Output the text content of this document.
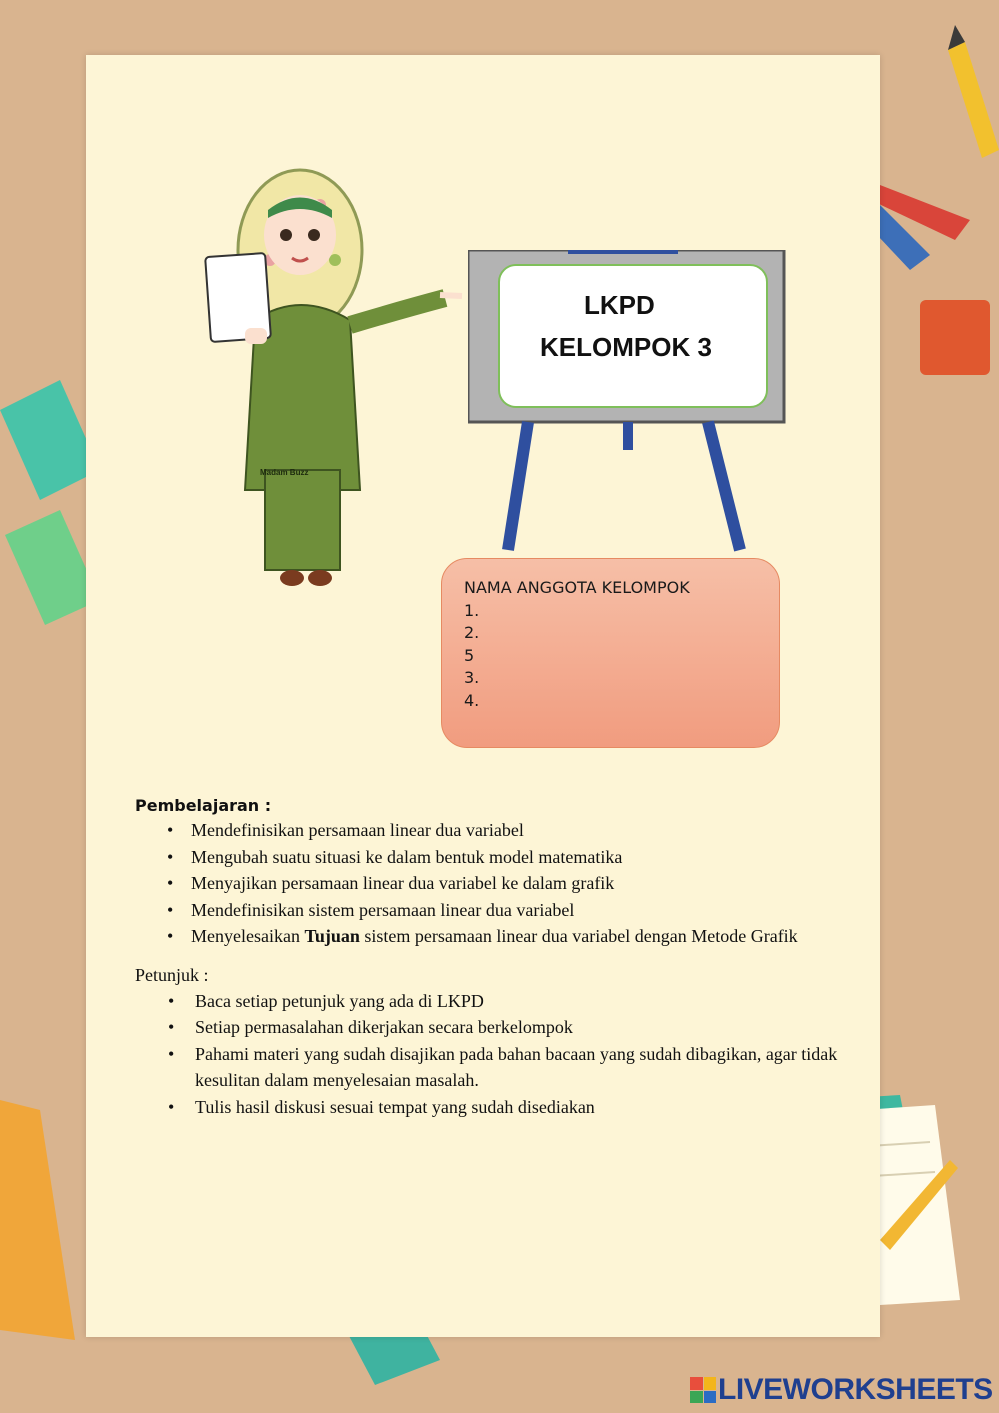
Madam Buzz
LKPD
KELOMPOK 3
NAMA ANGGOTA KELOMPOK
1.
2.
5
3.
4.
Pembelajaran :
• Mendefinisikan persamaan linear dua variabel
• Mengubah suatu situasi ke dalam bentuk model matematika
• Menyajikan persamaan linear dua variabel ke dalam grafik
• Mendefinisikan sistem persamaan linear dua variabel
• Menyelesaikan Tujuan sistem persamaan linear dua variabel dengan Metode Grafik
Petunjuk :
• Baca setiap petunjuk yang ada di LKPD
• Setiap permasalahan dikerjakan secara berkelompok
• Pahami materi yang sudah disajikan pada bahan bacaan yang sudah dibagikan, agar tidak kesulitan dalam menyelesaian masalah.
• Tulis hasil diskusi sesuai tempat yang sudah disediakan
LIVEWORKSHEETS
